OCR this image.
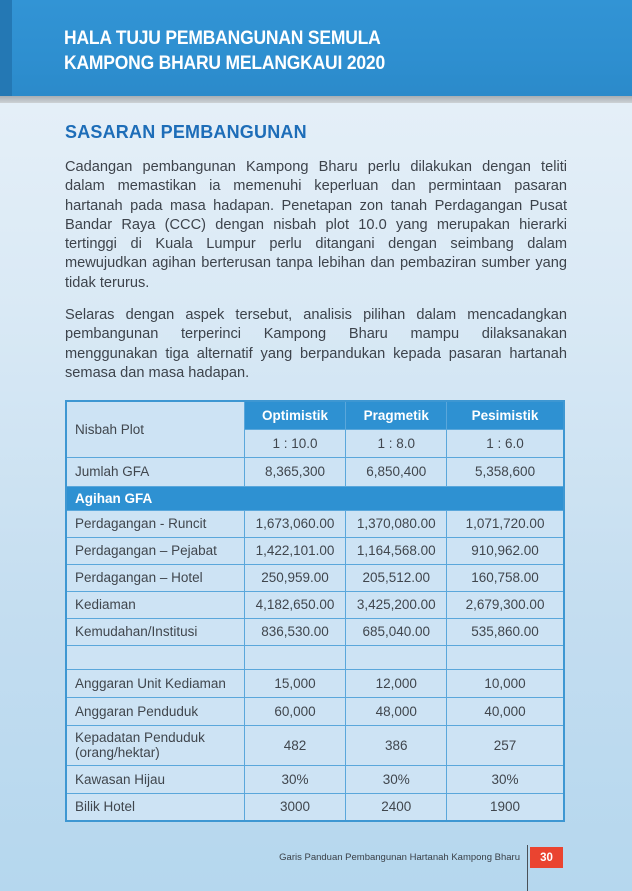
HALA TUJU PEMBANGUNAN SEMULA
KAMPONG BHARU MELANGKAUI 2020
SASARAN PEMBANGUNAN
Cadangan pembangunan Kampong Bharu perlu dilakukan dengan teliti dalam memastikan ia memenuhi keperluan dan permintaan pasaran hartanah pada masa hadapan. Penetapan zon tanah Perdagangan Pusat Bandar Raya (CCC) dengan nisbah plot 10.0 yang merupakan hierarki tertinggi di Kuala Lumpur perlu ditangani dengan seimbang dalam mewujudkan agihan berterusan tanpa lebihan dan pembaziran sumber yang tidak terurus.
Selaras dengan aspek tersebut, analisis pilihan dalam mencadangkan pembangunan terperinci Kampong Bharu mampu dilaksanakan menggunakan tiga alternatif yang berpandukan kepada pasaran hartanah semasa dan masa hadapan.
Nisbah Plot	Optimistik	Pragmetik	Pesimistik
	1 : 10.0	1 : 8.0	1 : 6.0
Jumlah GFA	8,365,300	6,850,400	5,358,600
Agihan GFA			
Perdagangan - Runcit	1,673,060.00	1,370,080.00	1,071,720.00
Perdagangan – Pejabat	1,422,101.00	1,164,568.00	910,962.00
Perdagangan – Hotel	250,959.00	205,512.00	160,758.00
Kediaman	4,182,650.00	3,425,200.00	2,679,300.00
Kemudahan/Institusi	836,530.00	685,040.00	535,860.00

Anggaran Unit Kediaman	15,000	12,000	10,000
Anggaran Penduduk	60,000	48,000	40,000
Kepadatan Penduduk (orang/hektar)	482	386	257
Kawasan Hijau	30%	30%	30%
Bilik Hotel	3000	2400	1900
Garis Panduan Pembangunan Hartanah Kampong Bharu	30
